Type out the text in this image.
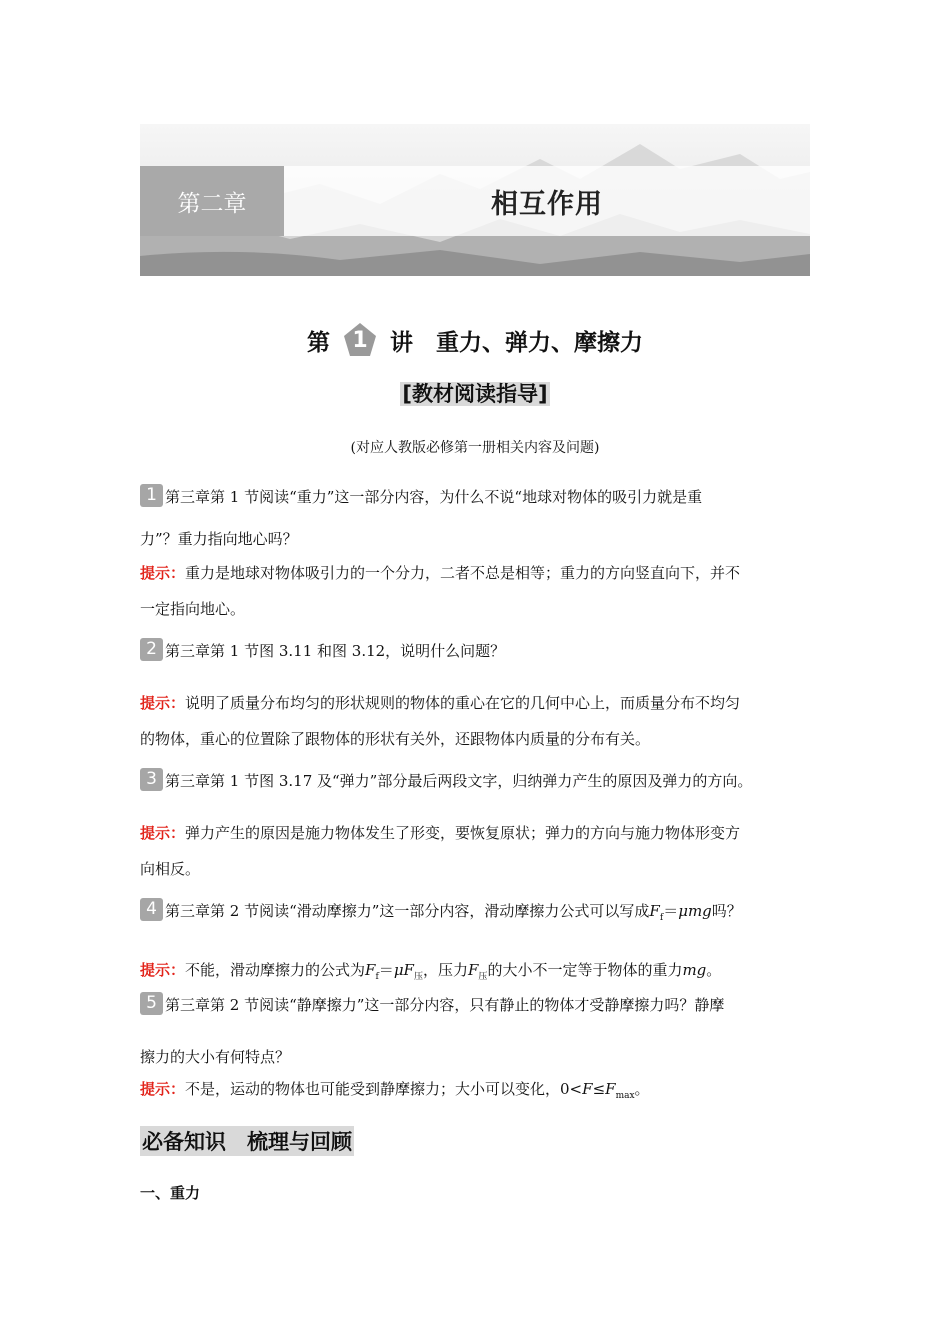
第二章	相互作用
第 1 讲　重力、弹力、摩擦力
[教材阅读指导]
(对应人教版必修第一册相关内容及问题)
1 第三章第 1 节阅读“重力”这一部分内容，为什么不说“地球对物体的吸引力就是重
力”？重力指向地心吗？
提示：重力是地球对物体吸引力的一个分力，二者不总是相等；重力的方向竖直向下，并不
一定指向地心。
2 第三章第 1 节图 3.11 和图 3.12，说明什么问题？
提示：说明了质量分布均匀的形状规则的物体的重心在它的几何中心上，而质量分布不均匀
的物体，重心的位置除了跟物体的形状有关外，还跟物体内质量的分布有关。
3 第三章第 1 节图 3.17 及“弹力”部分最后两段文字，归纳弹力产生的原因及弹力的方向。
提示：弹力产生的原因是施力物体发生了形变，要恢复原状；弹力的方向与施力物体形变方
向相反。
4 第三章第 2 节阅读“滑动摩擦力”这一部分内容，滑动摩擦力公式可以写成$F_f=\mu mg$吗？
提示：不能，滑动摩擦力的公式为$F_f=\mu F_压$，压力$F_压$的大小不一定等于物体的重力mg。
5 第三章第 2 节阅读“静摩擦力”这一部分内容，只有静止的物体才受静摩擦力吗？静摩
擦力的大小有何特点？
提示：不是，运动的物体也可能受到静摩擦力；大小可以变化，$0<F\le F_{max}$。
必备知识　梳理与回顾
一、重力
